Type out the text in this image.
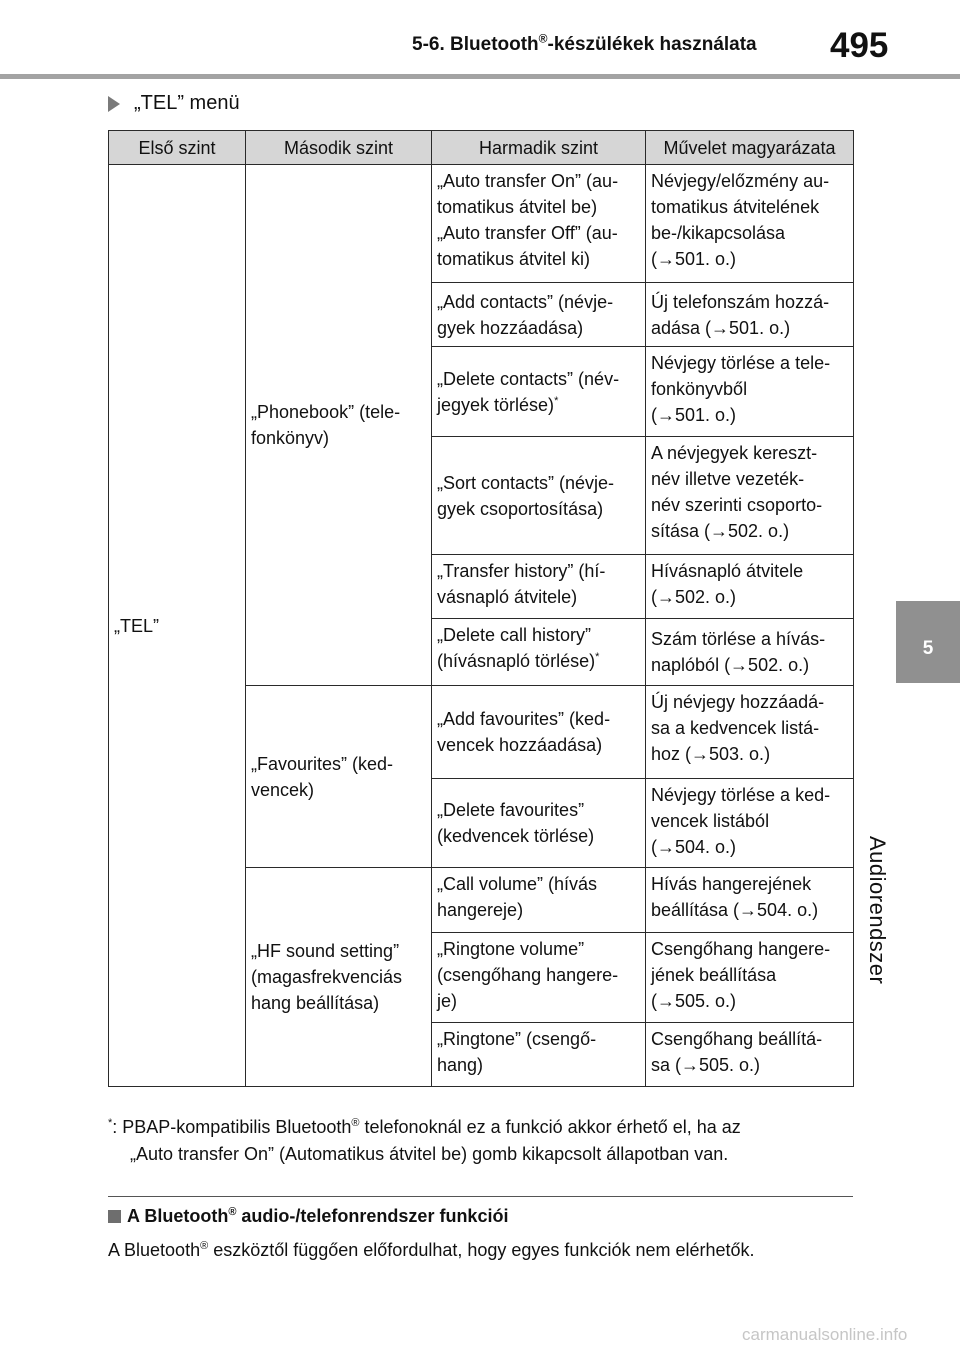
5-6. Bluetooth®-készülékek használata 495
5
Audiorendszer
„TEL” menü
Első szint	Második szint	Harmadik szint	Művelet magyarázata
„TEL”	„Phonebook” (tele-
fonkönyv)	„Auto transfer On” (au-
tomatikus átvitel be)
„Auto transfer Off” (au-
tomatikus átvitel ki)	Névjegy/előzmény au-
tomatikus átvitelének
be-/kikapcsolása
(→501. o.)

		„Add contacts” (névje-
gyek hozzáadása)	Új telefonszám hozzá-
adása (→501. o.)

		„Delete contacts” (név-
jegyek törlése)*	Névjegy törlése a tele-
fonkönyvből
(→501. o.)

		„Sort contacts” (névje-
gyek csoportosítása)	A névjegyek kereszt-
név illetve vezeték-
név szerinti csoporto-
sítása (→502. o.)

		„Transfer history” (hí-
vásnapló átvitele)	Hívásnapló átvitele
(→502. o.)

		„Delete call history”
(hívásnapló törlése)*	Szám törlése a hívás-
naplóból (→502. o.)

	„Favourites” (ked-
vencek)	„Add favourites” (ked-
vencek hozzáadása)	Új névjegy hozzáadá-
sa a kedvencek listá-
hoz (→503. o.)

		„Delete favourites”
(kedvencek törlése)	Névjegy törlése a ked-
vencek listából
(→504. o.)

	„HF sound setting”
(magasfrekvenciás
hang beállítása)	„Call volume” (hívás
hangereje)	Hívás hangerejének
beállítása (→504. o.)

		„Ringtone volume”
(csengőhang hangere-
je)	Csengőhang hangere-
jének beállítása
(→505. o.)

		„Ringtone” (csengő-
hang)	Csengőhang beállítá-
sa (→505. o.)
*: PBAP-kompatibilis Bluetooth® telefonoknál ez a funkció akkor érhető el, ha az
„Auto transfer On” (Automatikus átvitel be) gomb kikapcsolt állapotban van.
A Bluetooth® audio-/telefonrendszer funkciói
A Bluetooth® eszköztől függően előfordulhat, hogy egyes funkciók nem elérhetők.
carmanualsonline.info
